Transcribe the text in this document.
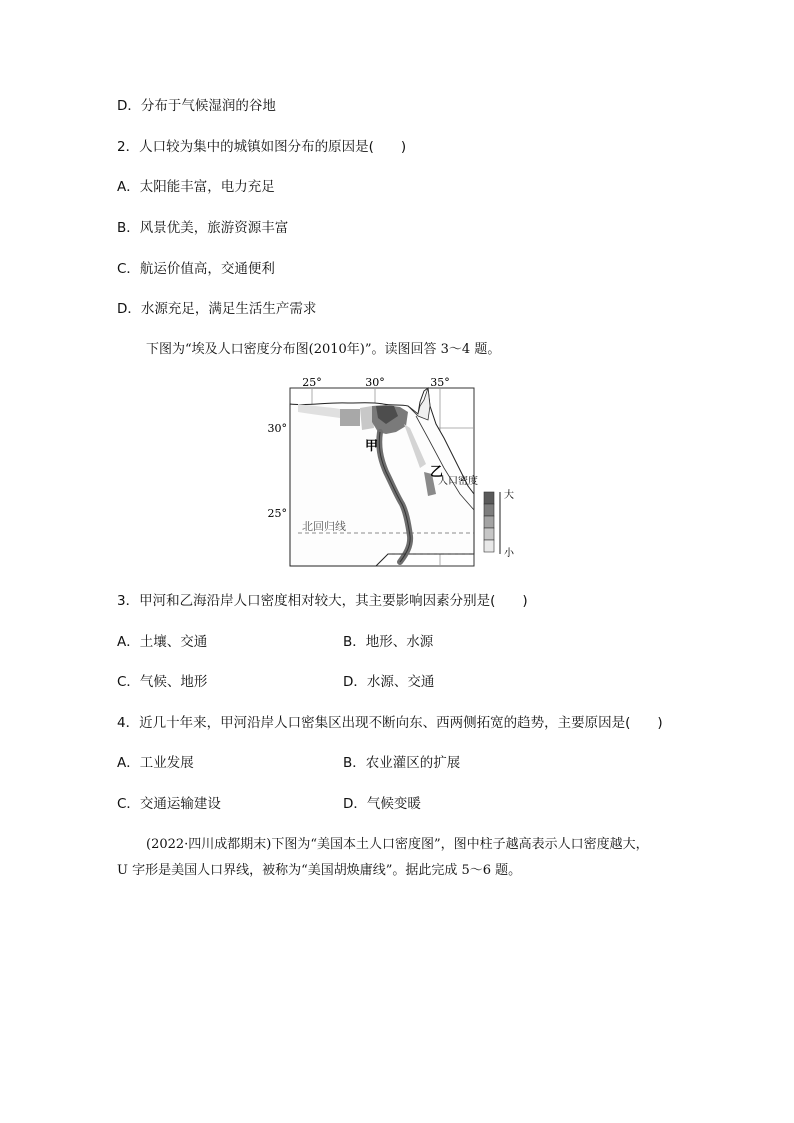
D．分布于气候湿润的谷地
2．人口较为集中的城镇如图分布的原因是(　　)
A．太阳能丰富，电力充足
B．风景优美，旅游资源丰富
C．航运价值高，交通便利
D．水源充足，满足生活生产需求
下图为“埃及人口密度分布图(2010年)”。读图回答 3～4 题。
25°	30°	35°
30°
25°
北回归线
甲
乙
人口密度
大
小
3．甲河和乙海沿岸人口密度相对较大，其主要影响因素分别是(　　)
A．土壤、交通	B．地形、水源
C．气候、地形	D．水源、交通
4．近几十年来，甲河沿岸人口密集区出现不断向东、西两侧拓宽的趋势，主要原因是(　　)
A．工业发展	B．农业灌区的扩展
C．交通运输建设	D．气候变暖
(2022·四川成都期末)下图为“美国本土人口密度图”，图中柱子越高表示人口密度越大，
U 字形是美国人口界线，被称为“美国胡焕庸线”。据此完成 5～6 题。
